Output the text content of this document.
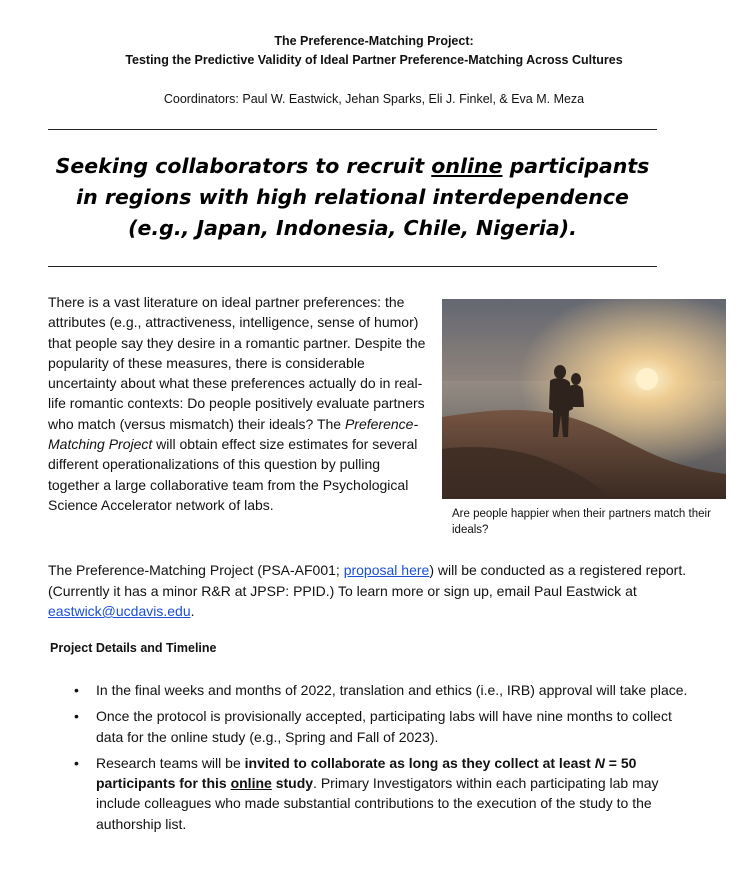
The Preference-Matching Project:
Testing the Predictive Validity of Ideal Partner Preference-Matching Across Cultures
Coordinators: Paul W. Eastwick, Jehan Sparks, Eli J. Finkel, & Eva M. Meza
Seeking collaborators to recruit online participants in regions with high relational interdependence (e.g., Japan, Indonesia, Chile, Nigeria).
There is a vast literature on ideal partner preferences: the attributes (e.g., attractiveness, intelligence, sense of humor) that people say they desire in a romantic partner. Despite the popularity of these measures, there is considerable uncertainty about what these preferences actually do in real-life romantic contexts: Do people positively evaluate partners who match (versus mismatch) their ideals? The Preference-Matching Project will obtain effect size estimates for several different operationalizations of this question by pulling together a large collaborative team from the Psychological Science Accelerator network of labs.
Are people happier when their partners match their ideals?
The Preference-Matching Project (PSA-AF001; proposal here) will be conducted as a registered report. (Currently it has a minor R&R at JPSP: PPID.) To learn more or sign up, email Paul Eastwick at eastwick@ucdavis.edu.
Project Details and Timeline
• In the final weeks and months of 2022, translation and ethics (i.e., IRB) approval will take place.
• Once the protocol is provisionally accepted, participating labs will have nine months to collect data for the online study (e.g., Spring and Fall of 2023).
• Research teams will be invited to collaborate as long as they collect at least N = 50 participants for this online study. Primary Investigators within each participating lab may include colleagues who made substantial contributions to the execution of the study to the authorship list.
